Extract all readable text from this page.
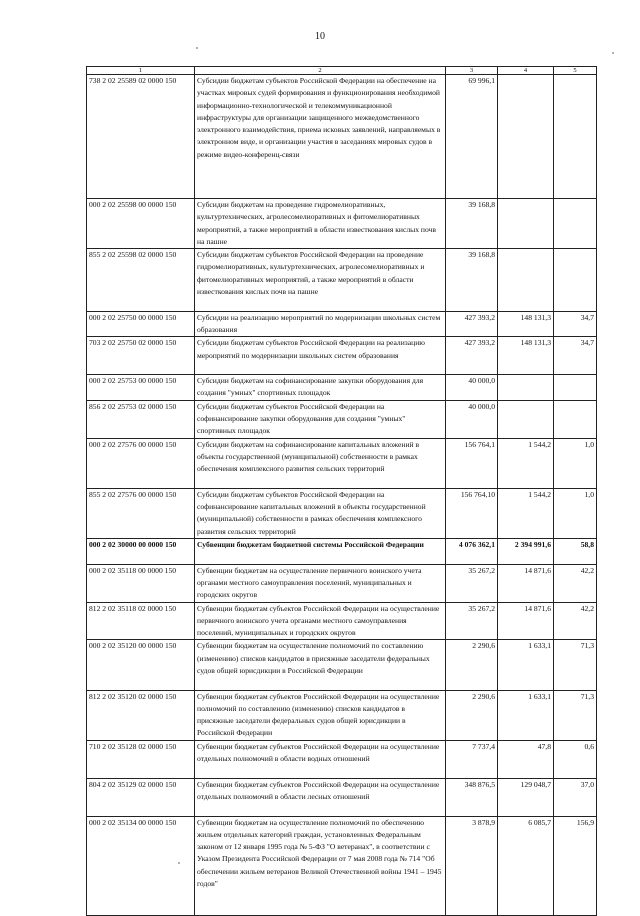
10
1	2	3	4	5
738 2 02 25589 02 0000 150	Субсидии бюджетам субъектов Российской Федерации на обеспечение на участках мировых судей формирования и функционирования необходимой информационно-технологической и телекоммуникационной инфраструктуры для организации защищенного межведомственного электронного взаимодействия, приема исковых заявлений, направляемых в электронном виде, и организации участия в заседаниях мировых судов в режиме видео-конференц-связи	69 996,1		
000 2 02 25598 00 0000 150	Субсидии бюджетам на проведение гидромелиоративных, культуртехнических, агролесомелиоративных и фитомелиоративных мероприятий, а также мероприятий в области известкования кислых почв на пашне	39 168,8		
855 2 02 25598 02 0000 150	Субсидии бюджетам субъектов Российской Федерации на проведение гидромелиоративных, культуртехнических, агролесомелиоративных и фитомелиоративных мероприятий, а также мероприятий в области известкования кислых почв на пашне	39 168,8		
000 2 02 25750 00 0000 150	Субсидии на реализацию мероприятий по модернизации школьных систем образования	427 393,2	148 131,3	34,7
703 2 02 25750 02 0000 150	Субсидии бюджетам субъектов Российской Федерации на реализацию мероприятий по модернизации школьных систем образования	427 393,2	148 131,3	34,7
000 2 02 25753 00 0000 150	Субсидии бюджетам на софинансирование закупки оборудования для создания "умных" спортивных площадок	40 000,0		
856 2 02 25753 02 0000 150	Субсидии бюджетам субъектов Российской Федерации на софинансирование закупки оборудования для создания "умных" спортивных площадок	40 000,0		
000 2 02 27576 00 0000 150	Субсидии бюджетам на софинансирование капитальных вложений в объекты государственной (муниципальной) собственности в рамках обеспечения комплексного развития сельских территорий	156 764,1	1 544,2	1,0
855 2 02 27576 00 0000 150	Субсидии бюджетам субъектов Российской Федерации на софинансирование капитальных вложений в объекты государственной (муниципальной) собственности в рамках обеспечения комплексного развития сельских территорий	156 764,10	1 544,2	1,0
000 2 02 30000 00 0000 150	Субвенции бюджетам бюджетной системы Российской Федерации	4 076 362,1	2 394 991,6	58,8
000 2 02 35118 00 0000 150	Субвенции бюджетам на осуществление первичного воинского учета органами местного самоуправления поселений, муниципальных и городских округов	35 267,2	14 871,6	42,2
812 2 02 35118 02 0000 150	Субвенции бюджетам субъектов Российской Федерации на осуществление первичного воинского учета органами местного самоуправления поселений, муниципальных и городских округов	35 267,2	14 871,6	42,2
000 2 02 35120 00 0000 150	Субвенции бюджетам на осуществление полномочий по составлению (изменению) списков кандидатов в присяжные заседатели федеральных судов общей юрисдикции в Российской Федерации	2 290,6	1 633,1	71,3
812 2 02 35120 02 0000 150	Субвенции бюджетам субъектов Российской Федерации на осуществление полномочий по составлению (изменению) списков кандидатов в присяжные заседатели федеральных судов общей юрисдикции в Российской Федерации	2 290,6	1 633,1	71,3
710 2 02 35128 02 0000 150	Субвенции бюджетам субъектов Российской Федерации на осуществление отдельных полномочий в области водных отношений	7 737,4	47,8	0,6
804 2 02 35129 02 0000 150	Субвенции бюджетам субъектов Российской Федерации на осуществление отдельных полномочий в области лесных отношений	348 876,5	129 048,7	37,0
000 2 02 35134 00 0000 150	Субвенции бюджетам на осуществление полномочий по обеспечению жильем отдельных категорий граждан, установленных Федеральным законом от 12 января 1995 года № 5-ФЗ "О ветеранах", в соответствии с Указом Президента Российской Федерации от 7 мая 2008 года № 714 "Об обеспечении жильем ветеранов Великой Отечественной войны 1941 – 1945 годов"	3 878,9	6 085,7	156,9
